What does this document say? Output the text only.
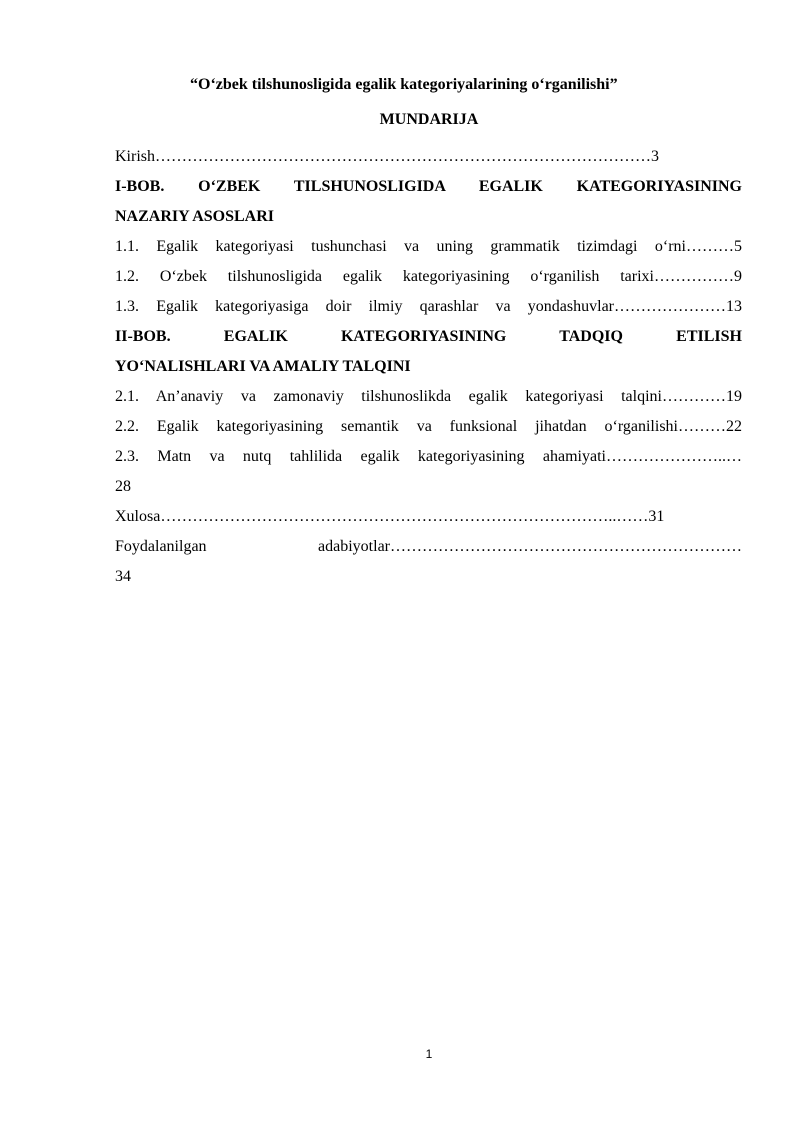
“O‘zbek tilshunosligida egalik kategoriyalarining o‘rganilishi”
MUNDARIJA
Kirish…………………………………………………………………………………3
I-BOB. O‘ZBEK TILSHUNOSLIGIDA EGALIK KATEGORIYASINING
NAZARIY ASOSLARI
1.1. Egalik kategoriyasi tushunchasi va uning grammatik tizimdagi o‘rni………5
1.2. O‘zbek tilshunosligida egalik kategoriyasining o‘rganilish tarixi……………9
1.3. Egalik kategoriyasiga doir ilmiy qarashlar va yondashuvlar…………………13
II-BOB. EGALIK KATEGORIYASINING TADQIQ ETILISH
YO‘NALISHLARI VA AMALIY TALQINI
2.1. An’anaviy va zamonaviy tilshunoslikda egalik kategoriyasi talqini…………19
2.2. Egalik kategoriyasining semantik va funksional jihatdan o‘rganilishi………22
2.3. Matn va nutq tahlilida egalik kategoriyasining ahamiyati…………………..…
28
Xulosa…………………………………………………………………………..……31
Foydalanilgan adabiyotlar…………………………………………………………
34
1
